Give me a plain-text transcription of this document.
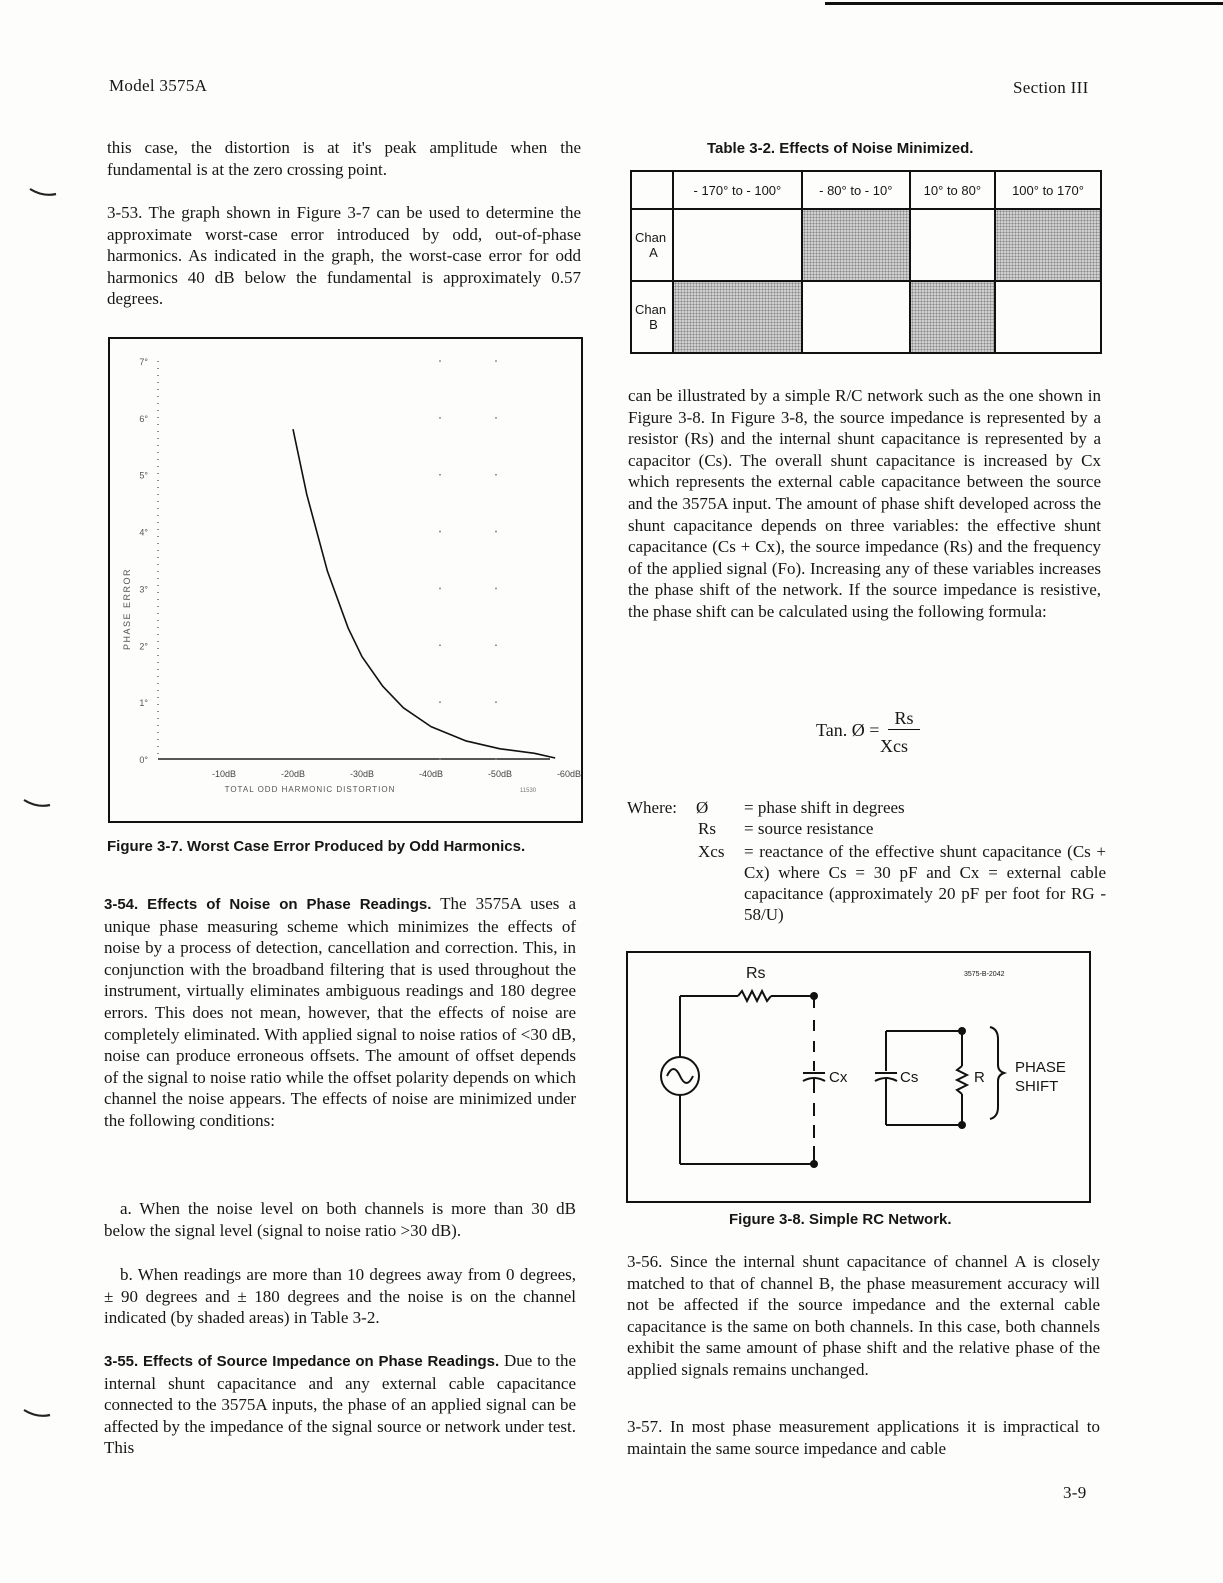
Model 3575A	Section III

this case, the distortion is at it's peak amplitude when the fundamental is at the zero crossing point.

3-53. The graph shown in Figure 3-7 can be used to determine the approximate worst-case error introduced by odd, out-of-phase harmonics. As indicated in the graph, the worst-case error for odd harmonics 40 dB below the fundamental is approximately 0.57 degrees.

0°
1°
2°
3°
4°
5°
6°
7°
-10dB	-20dB	-30dB	-40dB	-50dB	-60dB
TOTAL ODD HARMONIC DISTORTION
PHASE ERROR
11530
Figure 3-7. Worst Case Error Produced by Odd Harmonics.

3-54. Effects of Noise on Phase Readings. The 3575A uses a unique phase measuring scheme which minimizes the effects of noise by a process of detection, cancellation and correction. This, in conjunction with the broadband filtering that is used throughout the instrument, virtually eliminates ambiguous readings and 180 degree errors. This does not mean, however, that the effects of noise are completely eliminated. With applied signal to noise ratios of <30 dB, noise can produce erroneous offsets. The amount of offset depends of the signal to noise ratio while the offset polarity depends on which channel the noise appears. The effects of noise are minimized under the following conditions:

a. When the noise level on both channels is more than 30 dB below the signal level (signal to noise ratio >30 dB).

b. When readings are more than 10 degrees away from 0 degrees, ± 90 degrees and ± 180 degrees and the noise is on the channel indicated (by shaded areas) in Table 3-2.

3-55. Effects of Source Impedance on Phase Readings. Due to the internal shunt capacitance and any external cable capacitance connected to the 3575A inputs, the phase of an applied signal can be affected by the impedance of the signal source or network under test. This

Table 3-2. Effects of Noise Minimized.
	- 170° to - 100°	- 80° to - 10°	10° to 80°	100° to 170°

Chan
A				

Chan
B				

can be illustrated by a simple R/C network such as the one shown in Figure 3-8. In Figure 3-8, the source impedance is represented by a resistor (Rs) and the internal shunt capacitance is represented by a capacitor (Cs). The overall shunt capacitance is increased by Cx which represents the external cable capacitance between the source and the 3575A input. The amount of phase shift developed across the shunt capacitance depends on three variables: the effective shunt capacitance (Cs + Cx), the source impedance (Rs) and the frequency of the applied signal (Fo). Increasing any of these variables increases the phase shift of the network. If the source impedance is resistive, the phase shift can be calculated using the following formula:

Tan. Ø =
Rs
Xcs
Where: Ø = phase shift in degrees
Rs = source resistance
Xcs = reactance of the effective shunt capacitance (Cs + Cx) where Cs = 30 pF and Cx = external cable capacitance (approximately 20 pF per foot for RG - 58/U)
Rs
Cx	Cs	R
PHASE
SHIFT
3575-B-2042
Figure 3-8. Simple RC Network.

3-56. Since the internal shunt capacitance of channel A is closely matched to that of channel B, the phase measurement accuracy will not be affected if the source impedance and the external cable capacitance is the same on both channels. In this case, both channels exhibit the same amount of phase shift and the relative phase of the applied signals remains unchanged.

3-57. In most phase measurement applications it is impractical to maintain the same source impedance and cable

3-9
